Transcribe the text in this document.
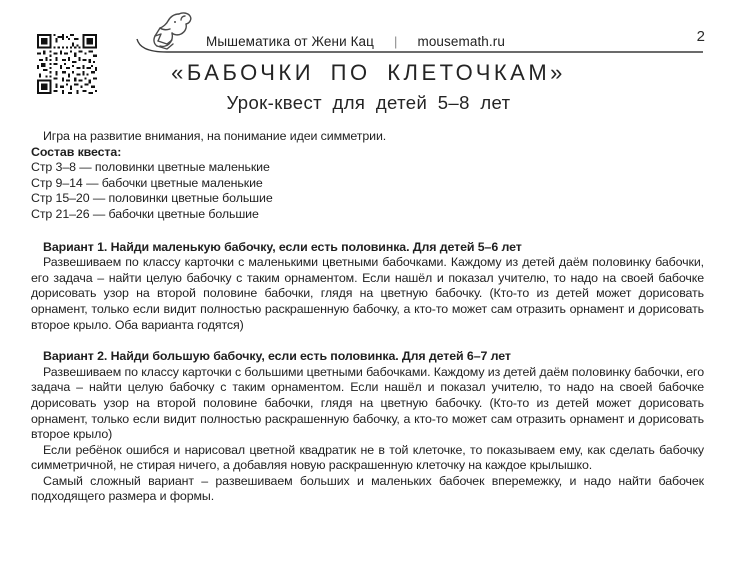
Мышематика от Жени Кац	|	mousemath.ru	2
«БАБОЧКИ ПО КЛЕТОЧКАМ»
Урок-квест для детей 5–8 лет

Игра на развитие внимания, на понимание идеи симметрии.

Состав квеста:

Стр 3–8 — половинки цветные маленькие

Стр 9–14 — бабочки цветные маленькие

Стр 15–20 — половинки цветные большие

Стр 21–26 — бабочки цветные большие

Вариант 1. Найди маленькую бабочку, если есть половинка. Для детей 5–6 лет

Развешиваем по классу карточки с маленькими цветными бабочками. Каждому из детей даём половинку бабочки, его задача – найти целую бабочку с таким орнаментом. Если нашёл и показал учителю, то надо на своей бабочке дорисовать узор на второй половине бабочки, глядя на цветную бабочку. (Кто-то из детей может дорисовать орнамент, только если видит полностью раскрашенную бабочку, а кто-то может сам отразить орнамент и дорисовать второе крыло. Оба варианта годятся)

Вариант 2. Найди большую бабочку, если есть половинка. Для детей 6–7 лет

Развешиваем по классу карточки с большими цветными бабочками. Каждому из детей даём половинку бабочки, его задача – найти целую бабочку с таким орнаментом. Если нашёл и показал учителю, то надо на своей бабочке дорисовать узор на второй половине бабочки, глядя на цветную бабочку. (Кто-то из детей может дорисовать орнамент, только если видит полностью раскрашенную бабочку, а кто-то может сам отразить орнамент и дорисовать второе крыло)

Если ребёнок ошибся и нарисовал цветной квадратик не в той клеточке, то показываем ему, как сделать бабочку симметричной, не стирая ничего, а добавляя новую раскрашенную клеточку на каждое крылышко.

Самый сложный вариант – развешиваем больших и маленьких бабочек вперемежку, и надо найти бабочек подходящего размера и формы.
